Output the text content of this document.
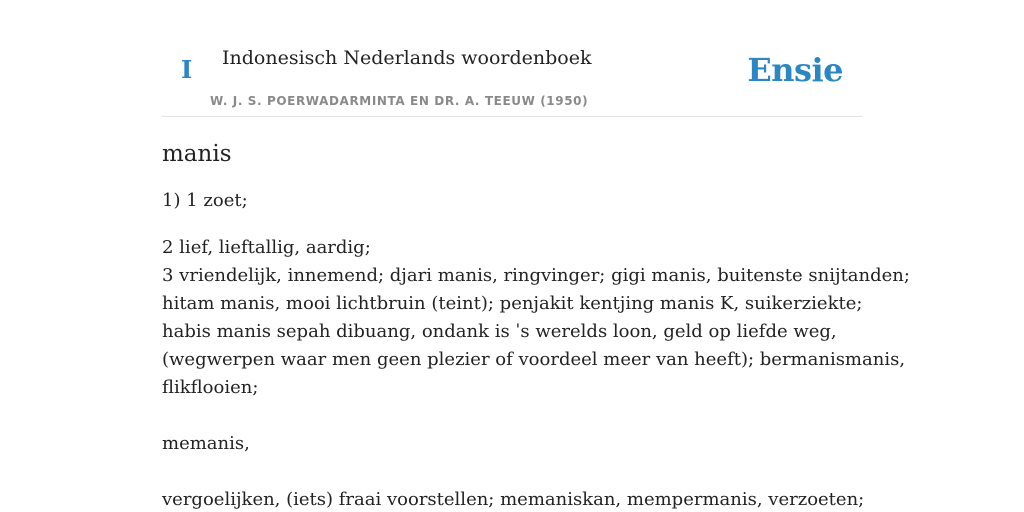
I Indonesisch Nederlands woordenboek
W. J. S. POERWADARMINTA EN DR. A. TEEUW (1950)
Ensie
manis

1) 1 zoet;

2 lief, lieftallig, aardig;
3 vriendelijk, innemend; djari manis, ringvinger; gigi manis, buitenste snijtanden;
hitam manis, mooi lichtbruin (teint); penjakit kentjing manis K, suikerziekte;
habis manis sepah dibuang, ondank is ˈs werelds loon, geld op liefde weg,
(wegwerpen waar men geen plezier of voordeel meer van heeft); bermanismanis,
flikflooien;
memanis,
vergoelijken, (iets) fraai voorstellen; memaniskan, mempermanis, verzoeten;
